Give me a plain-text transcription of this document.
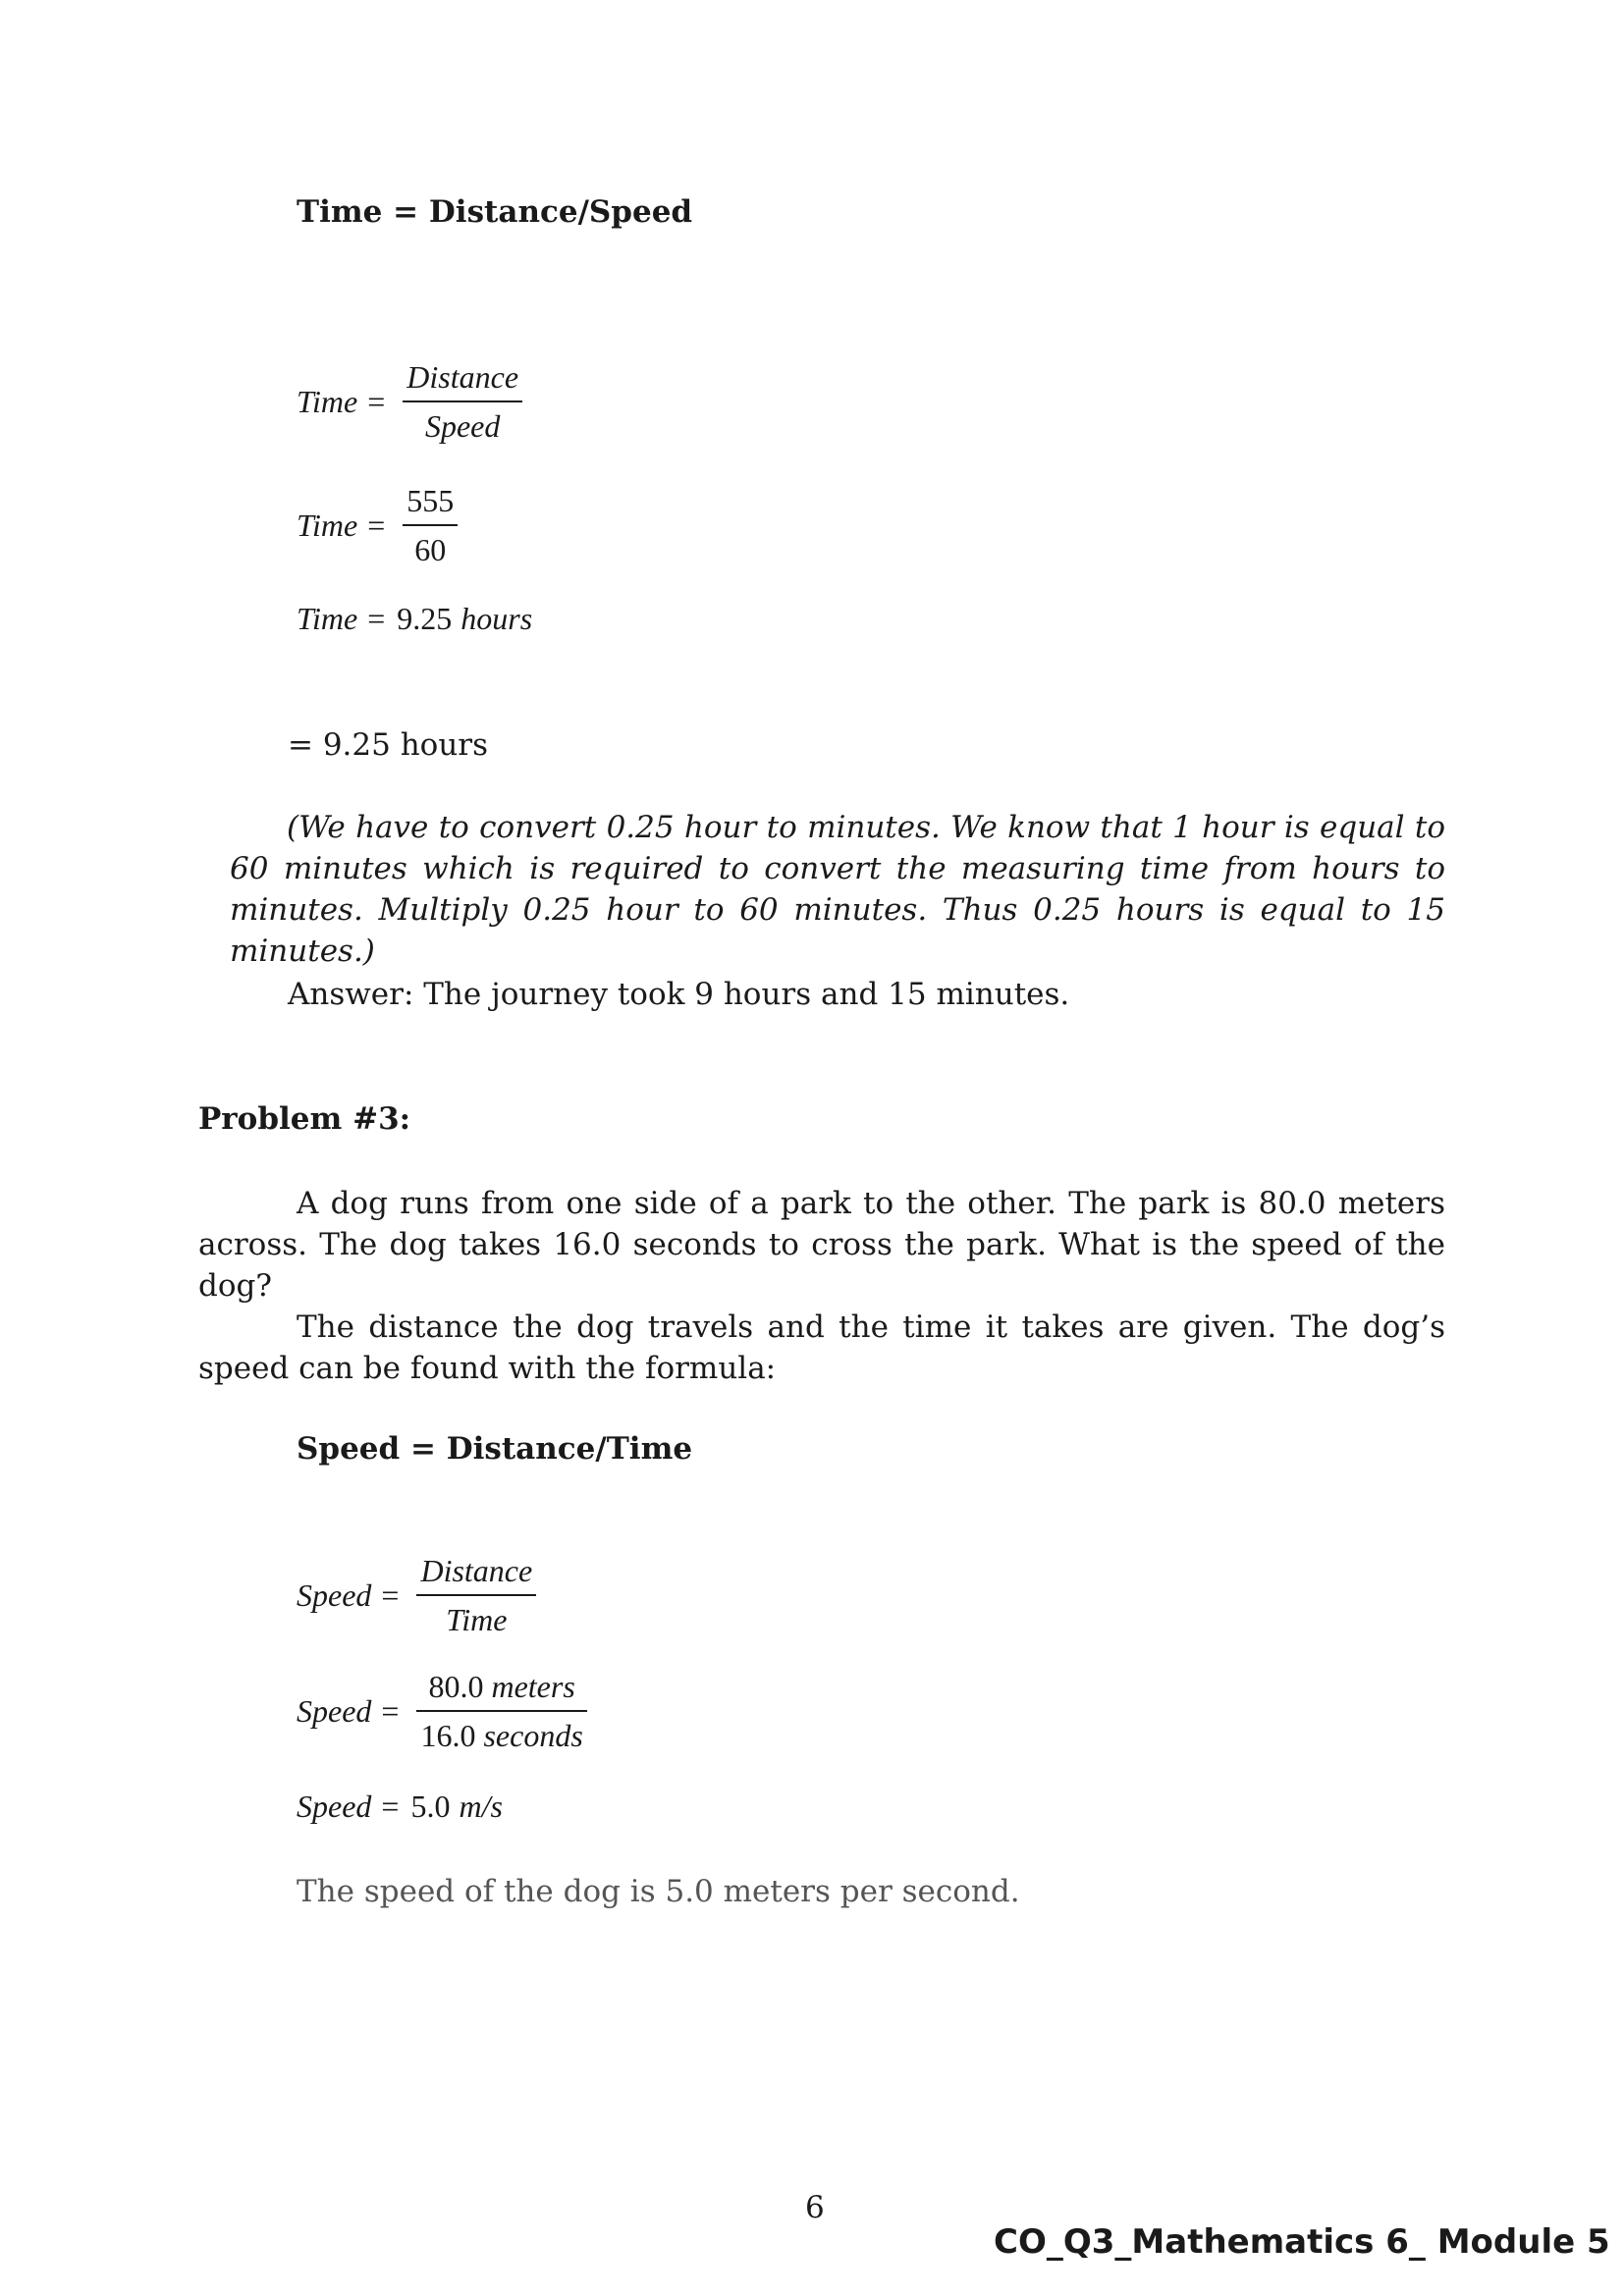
Time = Distance/Speed
Time = $\frac{\text{Distance}}{\text{Speed}}$
Time = $\frac{555}{60}$
Time = 9.25 hours
= 9.25 hours
(We have to convert 0.25 hour to minutes. We know that 1 hour is equal to 60 minutes which is required to convert the measuring time from hours to minutes. Multiply 0.25 hour to 60 minutes. Thus 0.25 hours is equal to 15 minutes.)
Answer: The journey took 9 hours and 15 minutes.
Problem #3:
A dog runs from one side of a park to the other. The park is 80.0 meters across. The dog takes 16.0 seconds to cross the park. What is the speed of the dog?
The distance the dog travels and the time it takes are given. The dog’s speed can be found with the formula:
Speed = Distance/Time
Speed = $\frac{\text{Distance}}{\text{Time}}$
Speed = $\frac{\text{80.0 meters}}{\text{16.0 seconds}}$
Speed = 5.0 m/s
The speed of the dog is 5.0 meters per second.
6
CO_Q3_Mathematics 6_ Module 5
